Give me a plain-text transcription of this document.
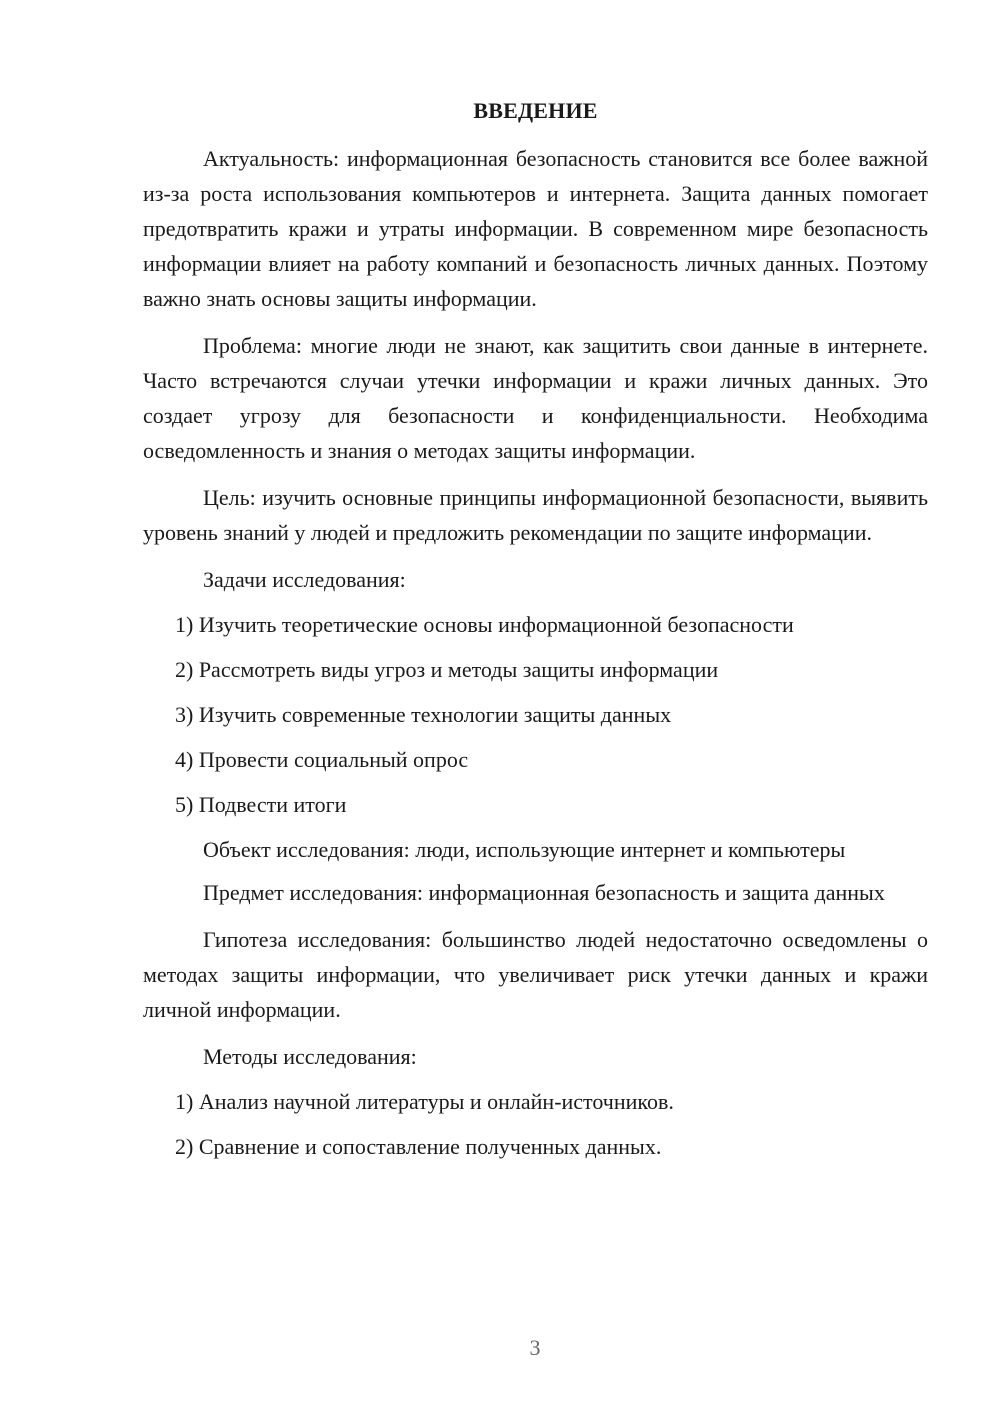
ВВЕДЕНИЕ

Актуальность: информационная безопасность становится все более важной из-за роста использования компьютеров и интернета. Защита данных помогает предотвратить кражи и утраты информации. В современном мире безопасность информации влияет на работу компаний и безопасность личных данных. Поэтому важно знать основы защиты информации.

Проблема: многие люди не знают, как защитить свои данные в интернете. Часто встречаются случаи утечки информации и кражи личных данных. Это создает угрозу для безопасности и конфиденциальности. Необходима осведомленность и знания о методах защиты информации.

Цель: изучить основные принципы информационной безопасности, выявить уровень знаний у людей и предложить рекомендации по защите информации.

Задачи исследования:

1) Изучить теоретические основы информационной безопасности

2) Рассмотреть виды угроз и методы защиты информации

3) Изучить современные технологии защиты данных

4) Провести социальный опрос

5) Подвести итоги

Объект исследования: люди, использующие интернет и компьютеры

Предмет исследования: информационная безопасность и защита данных

Гипотеза исследования: большинство людей недостаточно осведомлены о методах защиты информации, что увеличивает риск утечки данных и кражи личной информации.

Методы исследования:

1) Анализ научной литературы и онлайн-источников.

2) Сравнение и сопоставление полученных данных.

3
